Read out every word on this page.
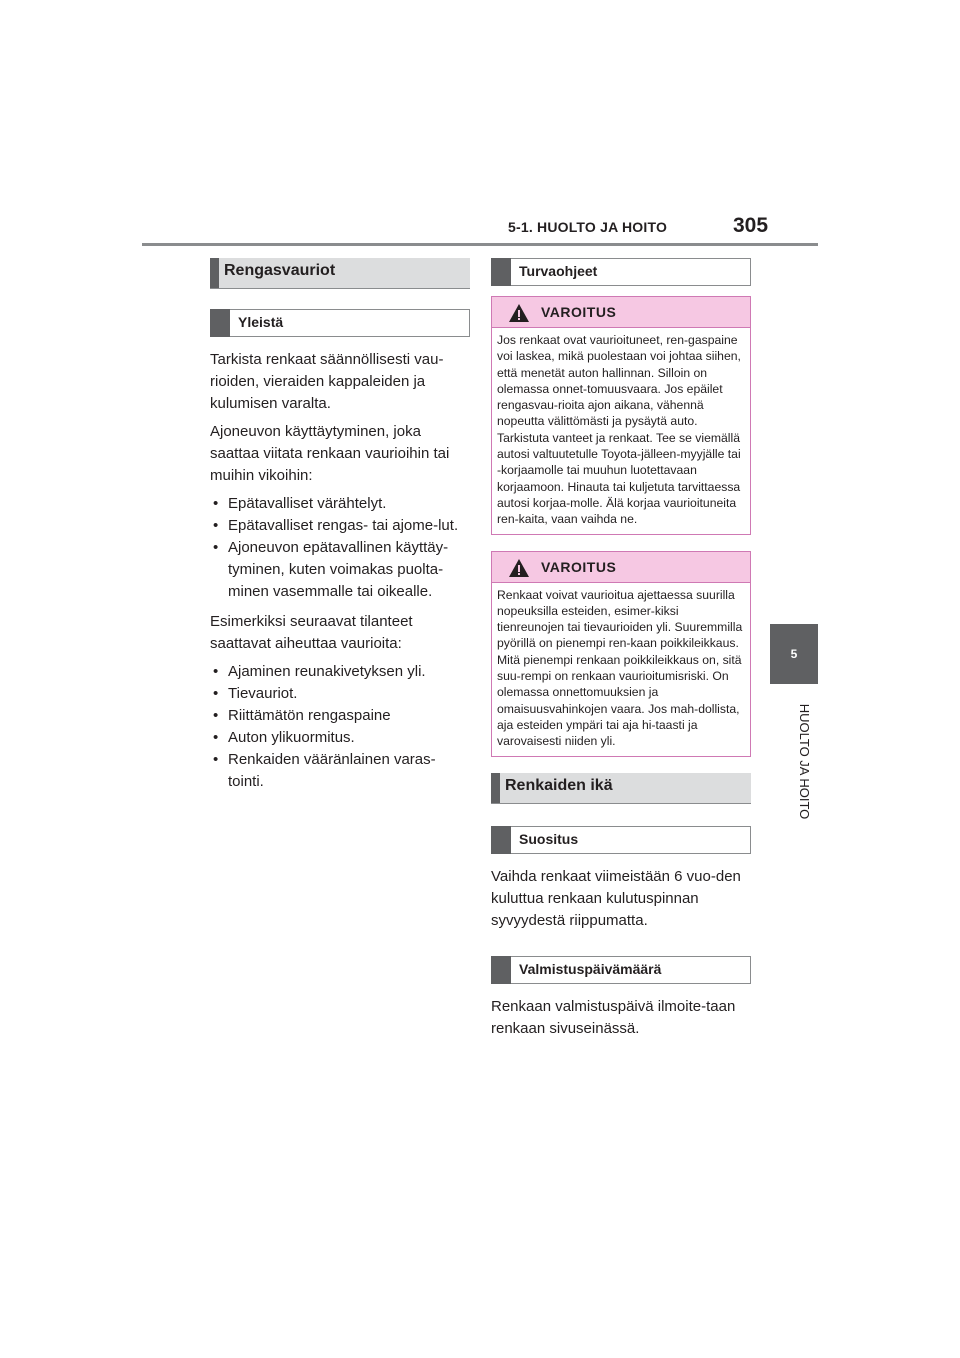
5-1. HUOLTO JA HOITO	305
5
HUOLTO JA HOITO
Rengasvauriot
Yleistä

Tarkista renkaat säännöllisesti vau-rioiden, vieraiden kappaleiden ja kulumisen varalta.

Ajoneuvon käyttäytyminen, joka saattaa viitata renkaan vaurioihin tai muihin vikoihin:

• Epätavalliset värähtelyt.
• Epätavalliset rengas- tai ajome-lut.
• Ajoneuvon epätavallinen käyttäy-tyminen, kuten voimakas puolta-minen vasemmalle tai oikealle.

Esimerkiksi seuraavat tilanteet saattavat aiheuttaa vaurioita:

• Ajaminen reunakivetyksen yli.
• Tievauriot.
• Riittämätön rengaspaine
• Auton ylikuormitus.
• Renkaiden vääränlainen varas-tointi.
Turvaohjeet
VAROITUS
Jos renkaat ovat vaurioituneet, ren-gaspaine voi laskea, mikä puolestaan voi johtaa siihen, että menetät auton hallinnan. Silloin on olemassa onnet-tomuusvaara. Jos epäilet rengasvau-rioita ajon aikana, vähennä nopeutta välittömästi ja pysäytä auto. Tarkistuta vanteet ja renkaat. Tee se viemällä autosi valtuutetulle Toyota-jälleen-myyjälle tai -korjaamolle tai muuhun luotettavaan korjaamoon. Hinauta tai kuljetuta tarvittaessa autosi korjaa-molle. Älä korjaa vaurioituneita ren-kaita, vaan vaihda ne.
VAROITUS
Renkaat voivat vaurioitua ajettaessa suurilla nopeuksilla esteiden, esimer-kiksi tienreunojen tai tievaurioiden yli. Suuremmilla pyörillä on pienempi ren-kaan poikkileikkaus. Mitä pienempi renkaan poikkileikkaus on, sitä suu-rempi on renkaan vaurioitumisriski. On olemassa onnettomuuksien ja omaisuusvahinkojen vaara. Jos mah-dollista, aja esteiden ympäri tai aja hi-taasti ja varovaisesti niiden yli.
Renkaiden ikä
Suositus

Vaihda renkaat viimeistään 6 vuo-den kuluttua renkaan kulutuspinnan syvyydestä riippumatta.

Valmistuspäivämäärä

Renkaan valmistuspäivä ilmoite-taan renkaan sivuseinässä.
